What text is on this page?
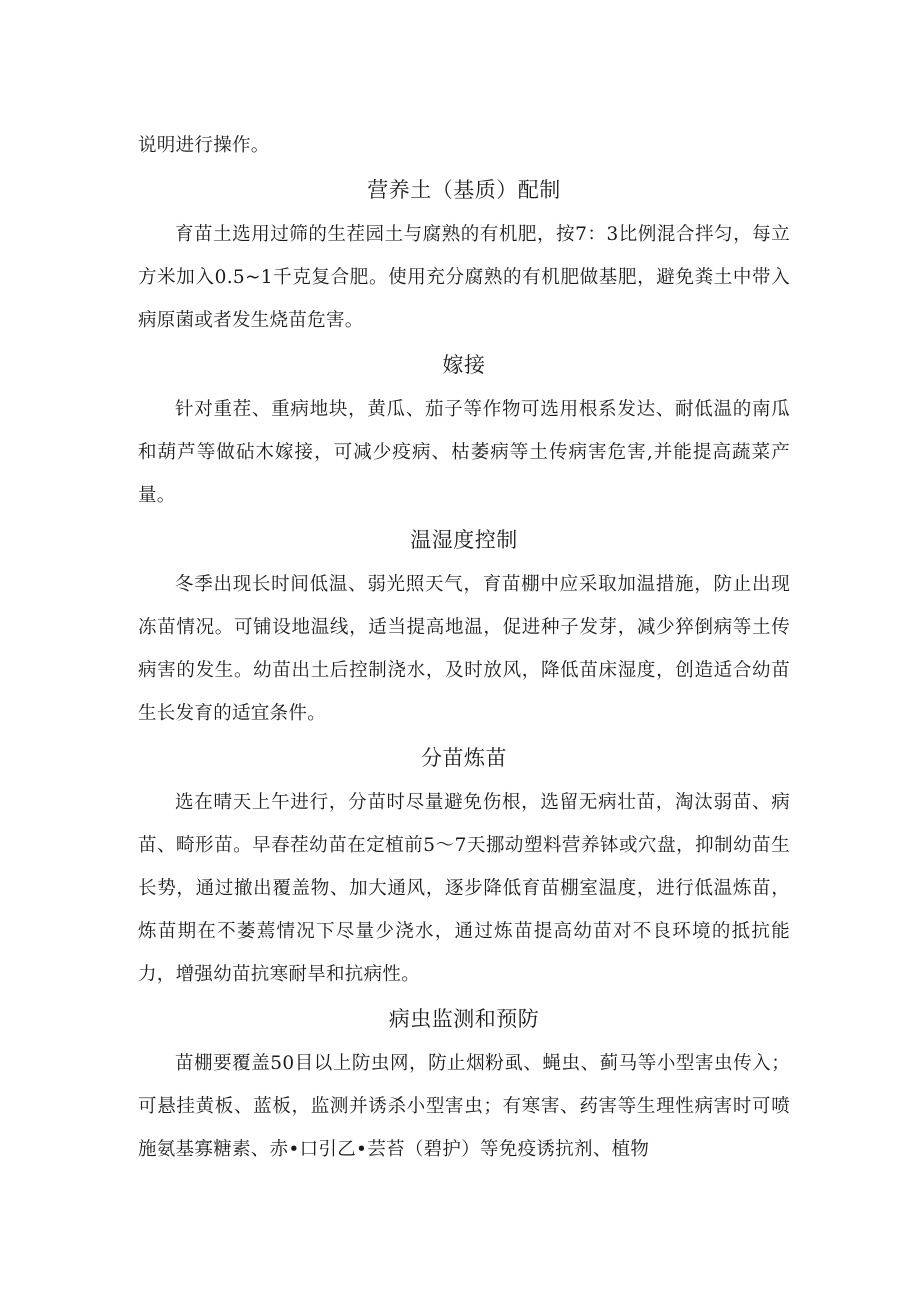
说明进行操作。

营养土（基质）配制

育苗土选用过筛的生茬园土与腐熟的有机肥，按7：3比例混合拌匀，每立方米加入0.5~1千克复合肥。使用充分腐熟的有机肥做基肥，避免粪土中带入病原菌或者发生烧苗危害。

嫁接

针对重茬、重病地块，黄瓜、茄子等作物可选用根系发达、耐低温的南瓜和葫芦等做砧木嫁接，可减少疫病、枯萎病等土传病害危害,并能提高蔬菜产量。

温湿度控制

冬季出现长时间低温、弱光照天气，育苗棚中应采取加温措施，防止出现冻苗情况。可铺设地温线，适当提高地温，促进种子发芽，减少猝倒病等土传病害的发生。幼苗出土后控制浇水，及时放风，降低苗床湿度，创造适合幼苗生长发育的适宜条件。

分苗炼苗

选在晴天上午进行，分苗时尽量避免伤根，选留无病壮苗，淘汰弱苗、病苗、畸形苗。早春茬幼苗在定植前5～7天挪动塑料营养钵或穴盘，抑制幼苗生长势，通过撤出覆盖物、加大通风，逐步降低育苗棚室温度，进行低温炼苗，炼苗期在不萎蔫情况下尽量少浇水，通过炼苗提高幼苗对不良环境的抵抗能力，增强幼苗抗寒耐旱和抗病性。

病虫监测和预防

苗棚要覆盖50目以上防虫网，防止烟粉虱、蝇虫、蓟马等小型害虫传入；可悬挂黄板、蓝板，监测并诱杀小型害虫；有寒害、药害等生理性病害时可喷施氨基寡糖素、赤•口引乙•芸苔（碧护）等免疫诱抗剂、植物
